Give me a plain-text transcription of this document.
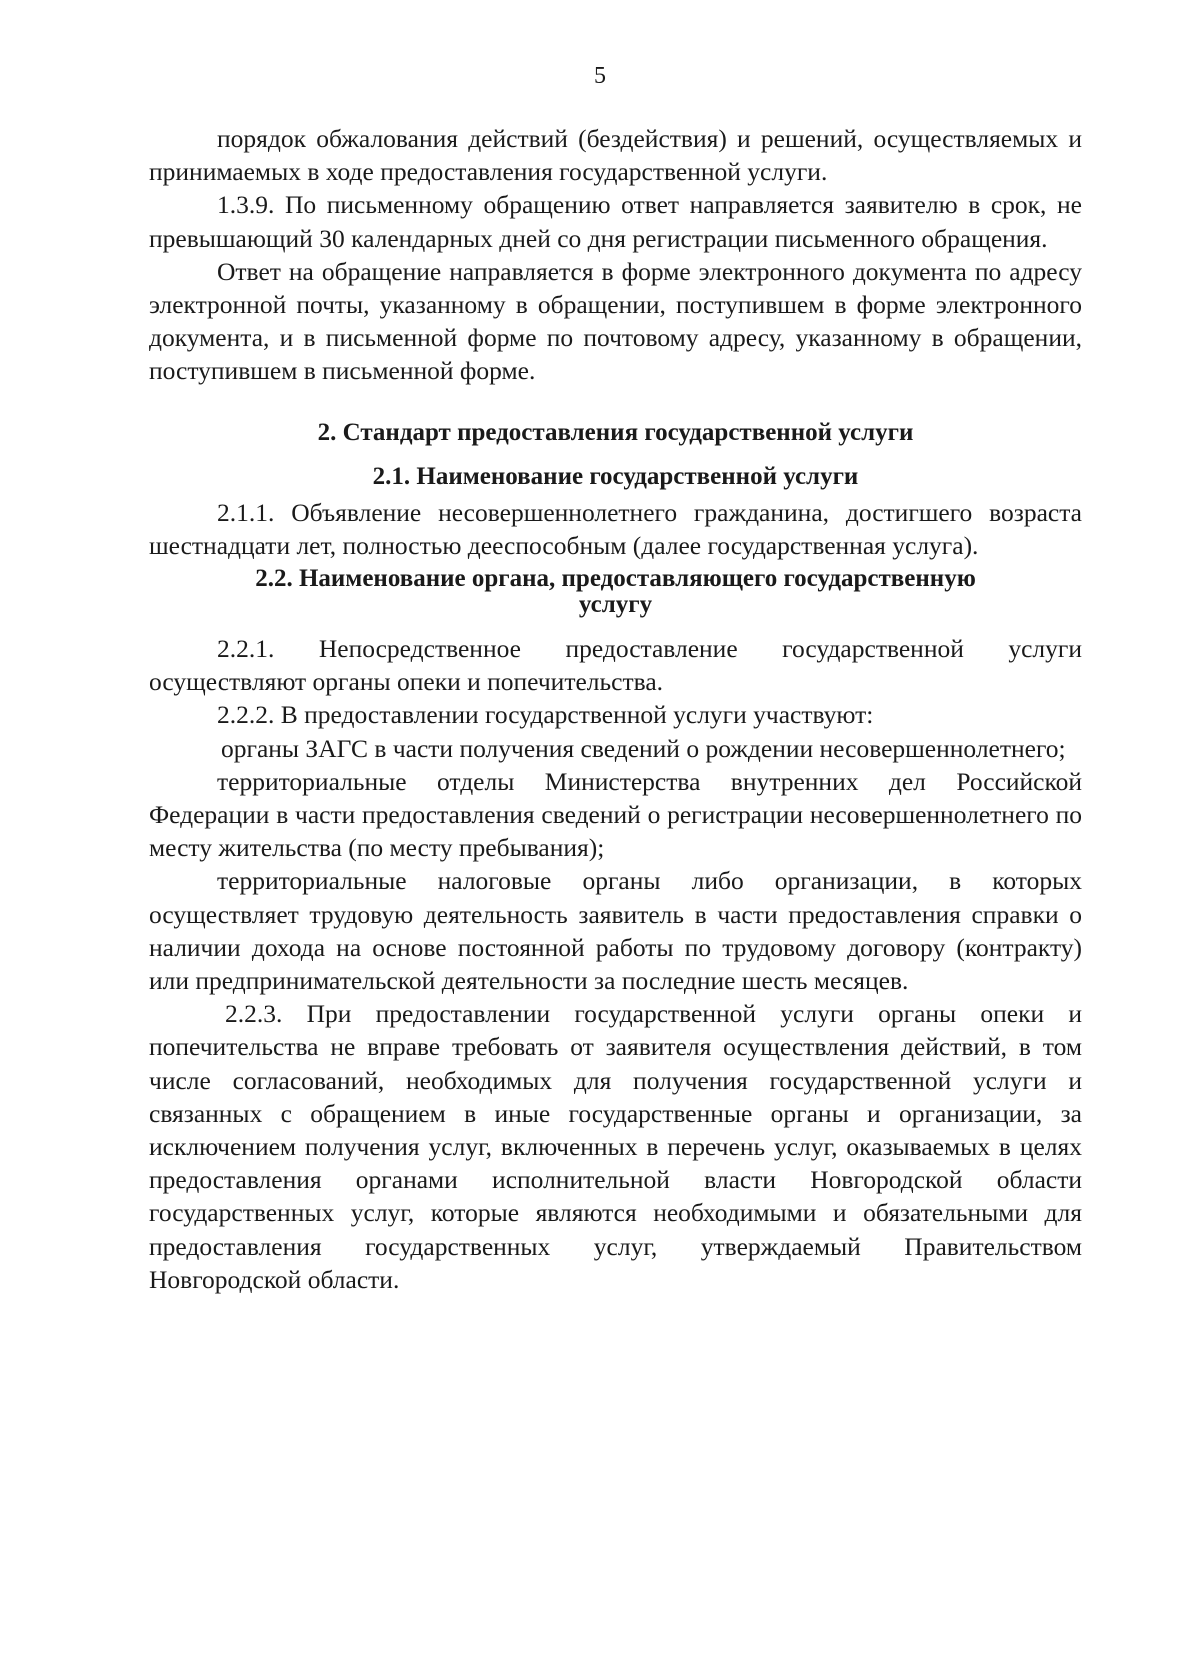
5

порядок обжалования действий (бездействия) и решений, осуществляемых и принимаемых в ходе предоставления государственной услуги.

1.3.9. По письменному обращению ответ направляется заявителю в срок, не превышающий 30 календарных дней со дня регистрации письменного обращения.

Ответ на обращение направляется в форме электронного документа по адресу электронной почты, указанному в обращении, поступившем в форме электронного документа, и в письменной форме по почтовому адресу, указанному в обращении, поступившем в письменной форме.

2. Стандарт предоставления государственной услуги
2.1. Наименование государственной услуги

2.1.1. Объявление несовершеннолетнего гражданина, достигшего возраста шестнадцати лет, полностью дееспособным (далее государственная услуга).

2.2. Наименование органа, предоставляющего государственную
услугу

2.2.1. Непосредственное предоставление государственной услуги осуществляют органы опеки и попечительства.

2.2.2. В предоставлении государственной услуги участвуют:

органы ЗАГС в части получения сведений о рождении несовершеннолетнего;

территориальные отделы Министерства внутренних дел Российской Федерации в части предоставления сведений о регистрации несовершеннолетнего по месту жительства (по месту пребывания);

территориальные налоговые органы либо организации, в которых осуществляет трудовую деятельность заявитель в части предоставления справки о наличии дохода на основе постоянной работы по трудовому договору (контракту) или предпринимательской деятельности за последние шесть месяцев.

2.2.3. При предоставлении государственной услуги органы опеки и попечительства не вправе требовать от заявителя осуществления действий, в том числе согласований, необходимых для получения государственной услуги и связанных с обращением в иные государственные органы и организации, за исключением получения услуг, включенных в перечень услуг, оказываемых в целях предоставления органами исполнительной власти Новгородской области государственных услуг, которые являются необходимыми и обязательными для предоставления государственных услуг, утверждаемый Правительством Новгородской области.
